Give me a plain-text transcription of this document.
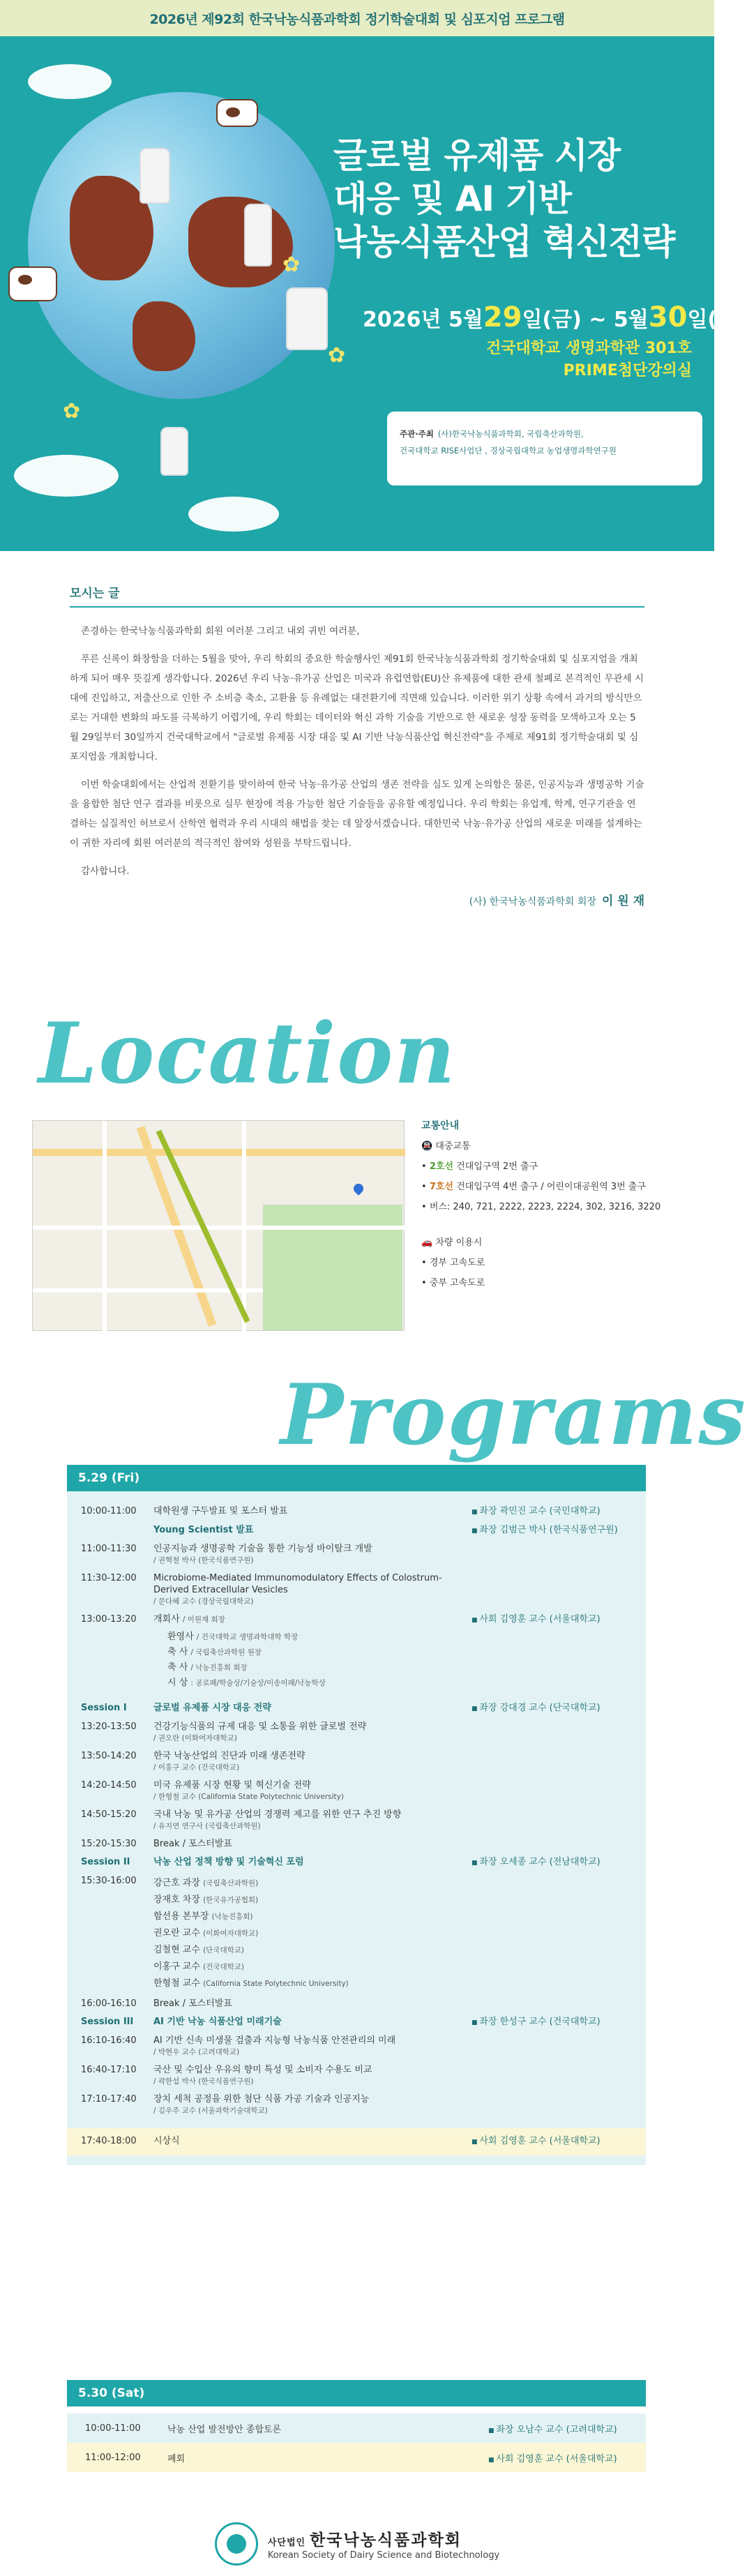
2026년 제92회 한국낙농식품과학회 정기학술대회 및 심포지엄 프로그램
✿
✿
✿
글로벌 유제품 시장
대응 및 AI 기반
낙농식품산업 혁신전략
2026년 5월29일(금) ~ 5월30일(토)
건국대학교 생명과학관 301호
PRIME첨단강의실
주관·주최 (사)한국낙농식품과학회, 국립축산과학원,
건국대학교 RISE사업단 , 경상국립대학교 농업생명과학연구원
모시는 글

존경하는 한국낙농식품과학회 회원 여러분 그리고 내외 귀빈 여러분,

푸른 신록이 화창함을 더하는 5월을 맞아, 우리 학회의 중요한 학술행사인 제91회 한국낙농식품과학회 정기학술대회 및 심포지엄을 개최하게 되어 매우 뜻깊게 생각합니다. 2026년 우리 낙농·유가공 산업은 미국과 유럽연합(EU)산 유제품에 대한 관세 철폐로 본격적인 무관세 시대에 진입하고, 저출산으로 인한 주 소비층 축소, 고환율 등 유례없는 대전환기에 직면해 있습니다. 이러한 위기 상황 속에서 과거의 방식만으로는 거대한 변화의 파도를 극복하기 어렵기에, 우리 학회는 데이터와 혁신 과학 기술을 기반으로 한 새로운 성장 동력을 모색하고자 오는 5월 29일부터 30일까지 건국대학교에서 "글로벌 유제품 시장 대응 및 AI 기반 낙농식품산업 혁신전략"을 주제로 제91회 정기학술대회 및 심포지엄을 개최합니다.

이번 학술대회에서는 산업적 전환기를 맞이하여 한국 낙농·유가공 산업의 생존 전략을 심도 있게 논의함은 물론, 인공지능과 생명공학 기술을 융합한 첨단 연구 결과를 비롯으로 실무 현장에 적용 가능한 첨단 기술들을 공유할 예정입니다. 우리 학회는 유업계, 학계, 연구기관을 연결하는 실질적인 허브로서 산학연 협력과 우리 시대의 해법을 찾는 데 앞장서겠습니다. 대한민국 낙농·유가공 산업의 새로운 미래를 설계하는 이 귀한 자리에 회원 여러분의 적극적인 참여와 성원을 부탁드립니다.

감사합니다.

(사) 한국낙농식품과학회 회장 이 원 재
Location
교통안내
🚇 대중교통
• 2호선 건대입구역 2번 출구
• 7호선 건대입구역 4번 출구 / 어린이대공원역 3번 출구
• 버스: 240, 721, 2222, 2223, 2224, 302, 3216, 3220
🚗 차량 이용시
• 경부 고속도로
• 중부 고속도로
Programs
5.29 (Fri)
10:00-11:00	대학원생 구두발표 및 포스터 발표	■ 좌장 곽민진 교수 (국민대학교)
Young Scientist 발표	■ 좌장 김범근 박사 (한국식품연구원)
11:00-11:30	인공지능과 생명공학 기술을 통한 기능성 바이탈크 개발
/ 권혁철 박사 (한국식품연구원)
11:30-12:00	Microbiome-Mediated Immunomodulatory Effects of Colostrum-Derived Extracellular Vesicles
/ 문다혜 교수 (경상국립대학교)
13:00-13:20	개회사 / 이원재 회장	■ 사회 김영훈 교수 (서울대학교)
환영사 / 건국대학교 생명과학대학 학장
축 사 / 국립축산과학원 원장
축 사 / 낙농진흥회 회장
시 상 : 공로패/학술상/기술상/이송이패/낙농학상
Session I	글로벌 유제품 시장 대응 전략	■ 좌장 강대경 교수 (단국대학교)
13:20-13:50	건강기능식품의 규제 대응 및 소통을 위한 글로벌 전략
/ 권오란 (이화여자대학교)
13:50-14:20	한국 낙농산업의 진단과 미래 생존전략
/ 이홍구 교수 (건국대학교)
14:20-14:50	미국 유제품 시장 현황 및 혁신기술 전략
/ 한형철 교수 (California State Polytechnic University)
14:50-15:20	국내 낙농 및 유가공 산업의 경쟁력 제고를 위한 연구 추진 방향
/ 유지연 연구사 (국립축산과학원)
15:20-15:30	Break / 포스터발표
Session II	낙농 산업 정책 방향 및 기술혁신 포럼	■ 좌장 오세종 교수 (전남대학교)
15:30-16:00	강근호 과장 (국립축산과학원)
장재호 차장 (한국유가공협회)
함선용 본부장 (낙농진흥회)
권오란 교수 (이화여자대학교)
김철현 교수 (단국대학교)
이홍구 교수 (건국대학교)
한형철 교수 (California State Polytechnic University)
16:00-16:10	Break / 포스터발표
Session III	AI 기반 낙농 식품산업 미래기술	■ 좌장 한성구 교수 (건국대학교)
16:10-16:40	AI 기반 신속 미생물 검출과 지능형 낙농식품 안전관리의 미래
/ 박현우 교수 (고려대학교)
16:40-17:10	국산 및 수입산 우유의 향미 특성 및 소비자 수용도 비교
/ 곽한섭 박사 (한국식품연구원)
17:10-17:40	장치 세척 공정을 위한 첨단 식품 가공 기술과 인공지능
/ 김우주 교수 (서울과학기술대학교)
17:40-18:00	시상식	■ 사회 김영훈 교수 (서울대학교)
5.30 (Sat)
10:00-11:00	낙농 산업 발전방안 종합토론	■ 좌장 오남수 교수 (고려대학교)
11:00-12:00	폐회	■ 사회 김영훈 교수 (서울대학교)
사단법인 한국낙농식품과학회
Korean Society of Dairy Science and Biotechnology
